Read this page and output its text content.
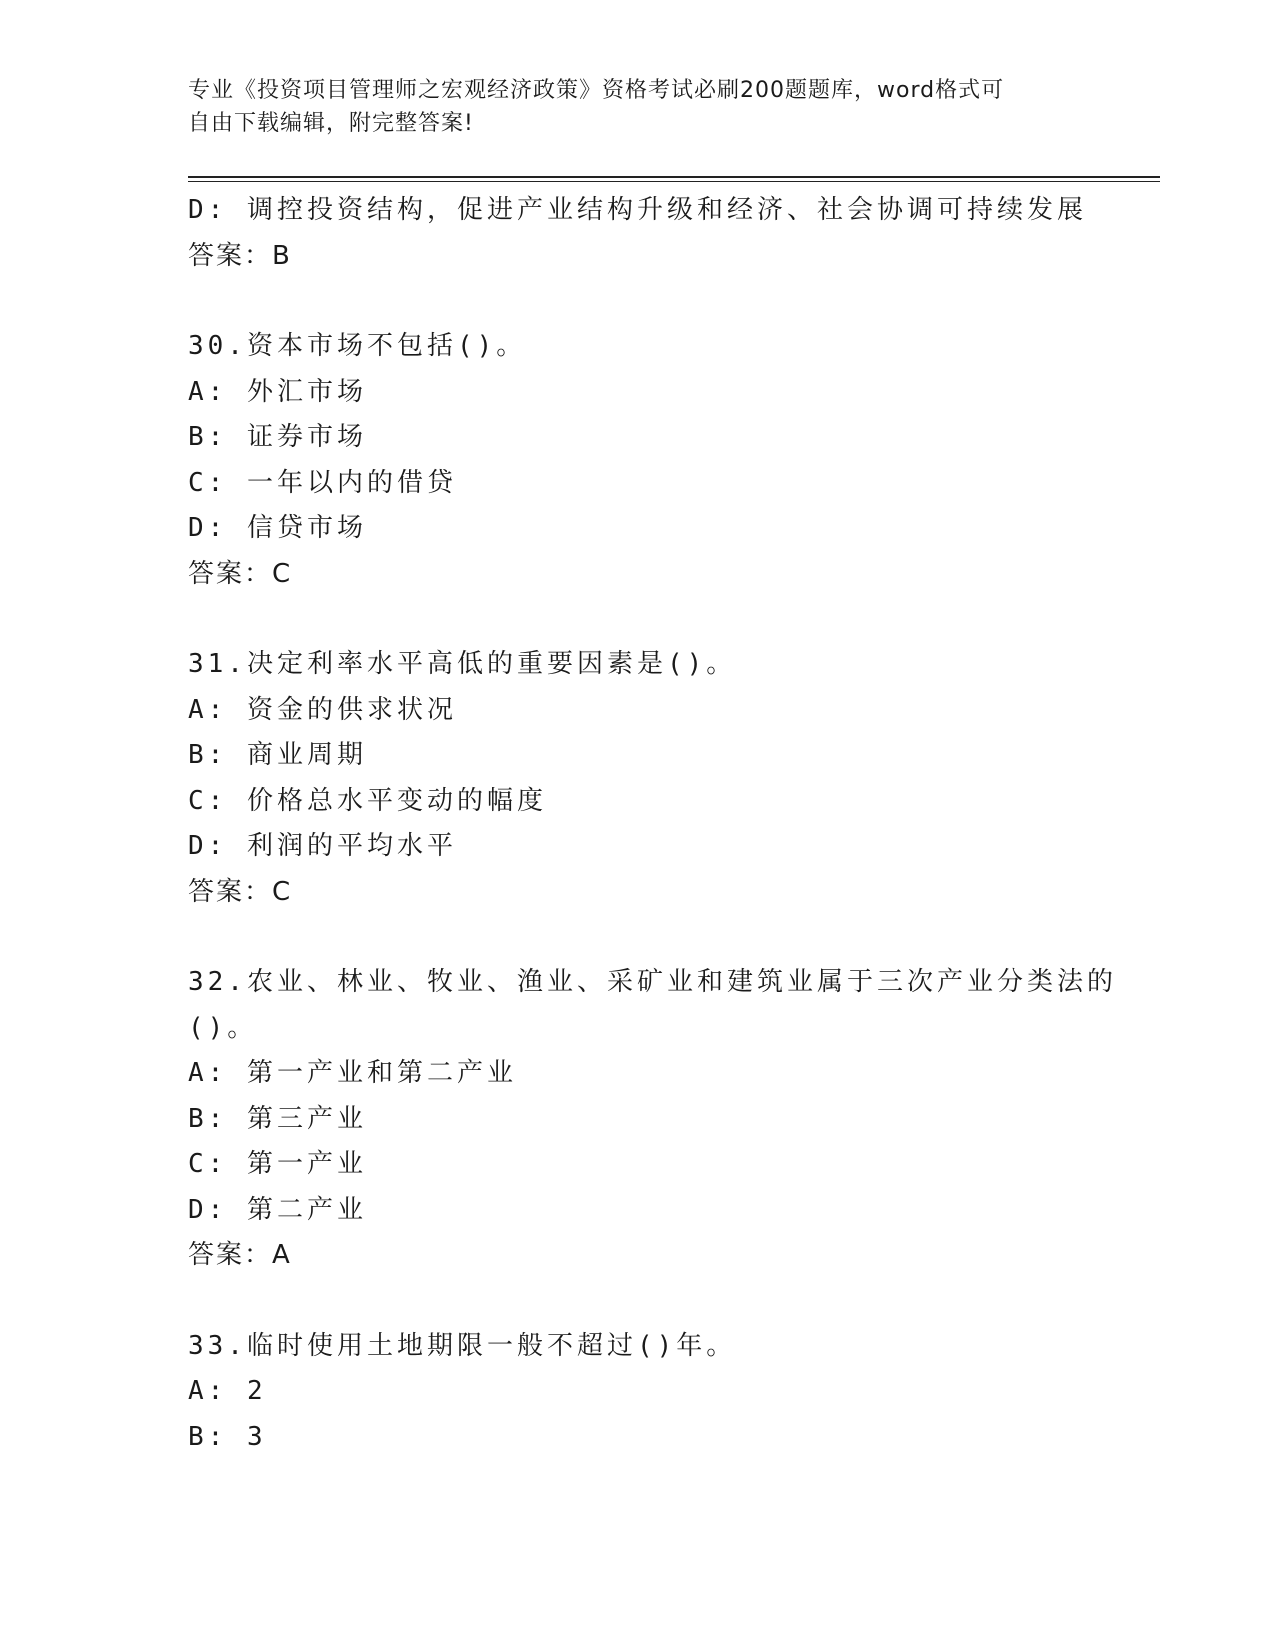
专业《投资项目管理师之宏观经济政策》资格考试必刷200题题库，word格式可
自由下载编辑，附完整答案!
D: 调控投资结构，促进产业结构升级和经济、社会协调可持续发展
答案：B
30.资本市场不包括()。
A: 外汇市场
B: 证券市场
C: 一年以内的借贷
D: 信贷市场
答案：C
31.决定利率水平高低的重要因素是()。
A: 资金的供求状况
B: 商业周期
C: 价格总水平变动的幅度
D: 利润的平均水平
答案：C
32.农业、林业、牧业、渔业、采矿业和建筑业属于三次产业分类法的
()。
A: 第一产业和第二产业
B: 第三产业
C: 第一产业
D: 第二产业
答案：A
33.临时使用土地期限一般不超过()年。
A: 2
B: 3
